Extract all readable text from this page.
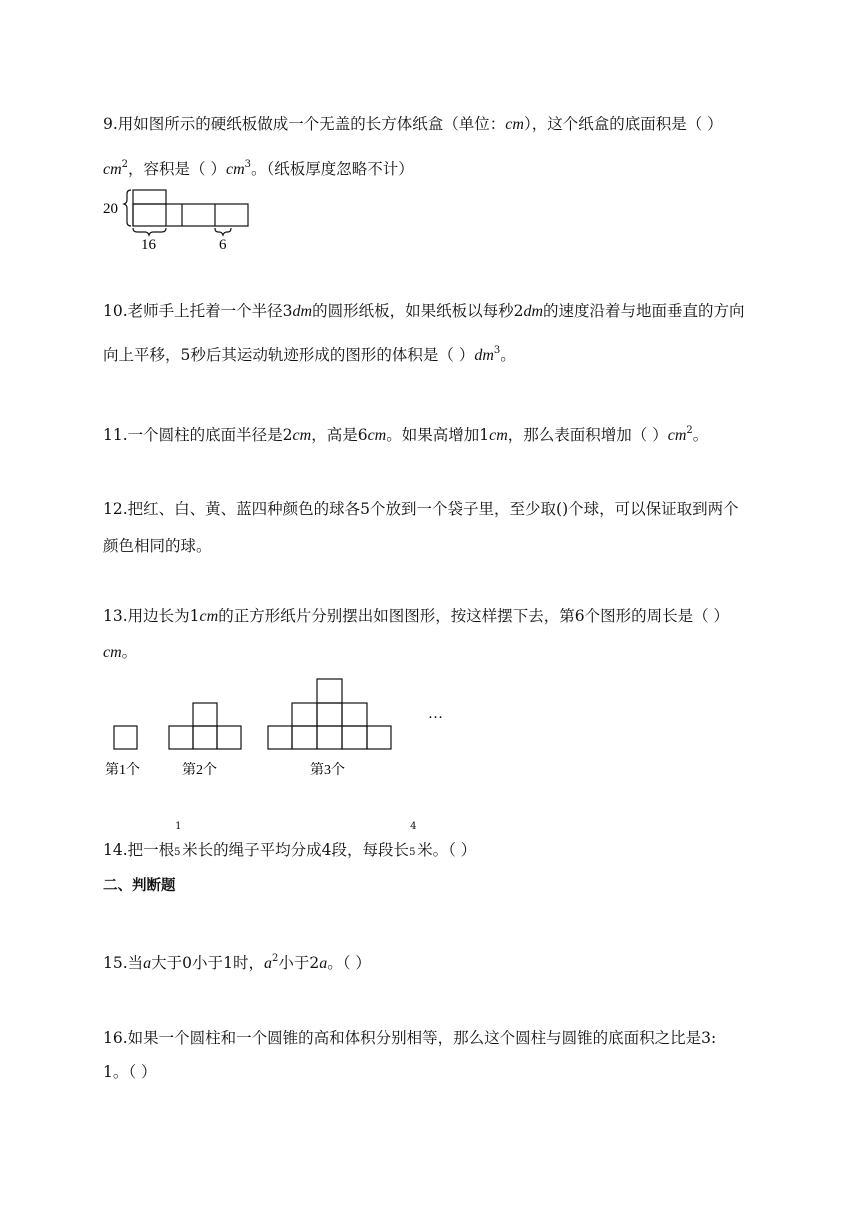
9.用如图所示的硬纸板做成一个无盖的长方体纸盒（单位：cm），这个纸盒的底面积是（ ）
$cm^2$，容积是（ ）$cm^3$。（纸板厚度忽略不计）
20
16	6
10.老师手上托着一个半径3dm的圆形纸板，如果纸板以每秒2dm的速度沿着与地面垂直的方向
向上平移，5秒后其运动轨迹形成的图形的体积是（ ）$dm^3$。
11.一个圆柱的底面半径是2cm，高是6cm。如果高增加1cm，那么表面积增加（ ）$cm^2$。
12.把红、白、黄、蓝四种颜色的球各5个放到一个袋子里，至少取()个球，可以保证取到两个
颜色相同的球。
13.用边长为1cm的正方形纸片分别摆出如图图形，按这样摆下去，第6个图形的周长是（ ）
cm。
…
第1个	第2个	第3个
14.把一根
1
5 米长的绳子平均分成4段，每段长
4
5 米。（ ）
二、判断题
15.当a大于0小于1时，$a^2$小于2a。（ ）
16.如果一个圆柱和一个圆锥的高和体积分别相等，那么这个圆柱与圆锥的底面积之比是3:
1。（ ）
